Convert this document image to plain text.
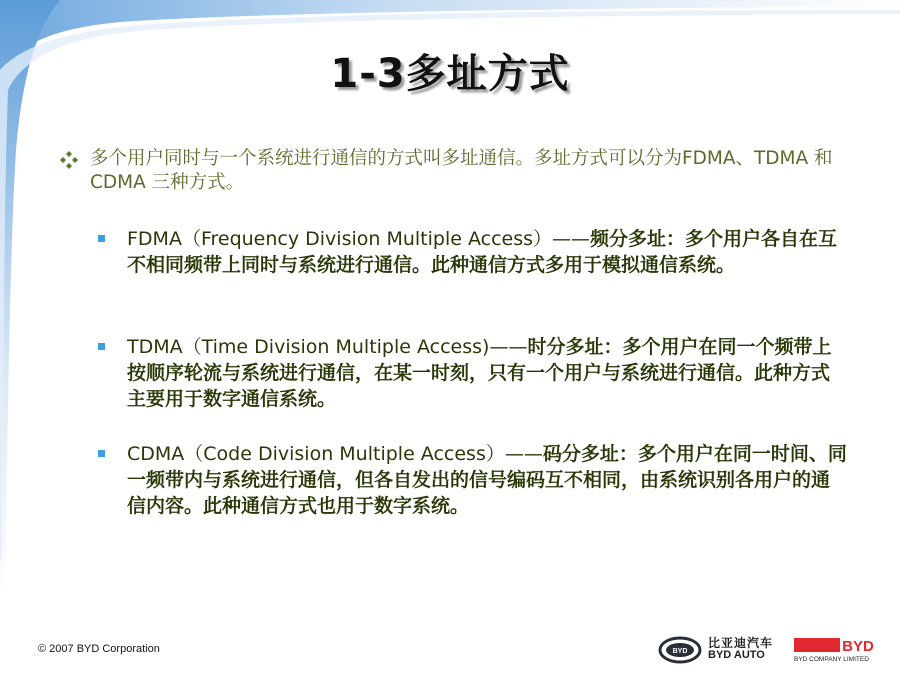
1-3多址方式
多个用户同时与一个系统进行通信的方式叫多址通信。多址方式可以分为FDMA、TDMA 和CDMA 三种方式。
FDMA（Frequency Division Multiple Access）——频分多址：多个用户各自在互不相同频带上同时与系统进行通信。此种通信方式多用于模拟通信系统。
TDMA（Time Division Multiple Access)——时分多址：多个用户在同一个频带上按顺序轮流与系统进行通信，在某一时刻，只有一个用户与系统进行通信。此种方式主要用于数字通信系统。
CDMA（Code Division Multiple Access）——码分多址：多个用户在同一时间、同一频带内与系统进行通信，但各自发出的信号编码互不相同，由系统识别各用户的通信内容。此种通信方式也用于数字系统。
© 2007 BYD Corporation	BYD
比亚迪汽车
BYD AUTO	BYD
BYD COMPANY LIMITED
